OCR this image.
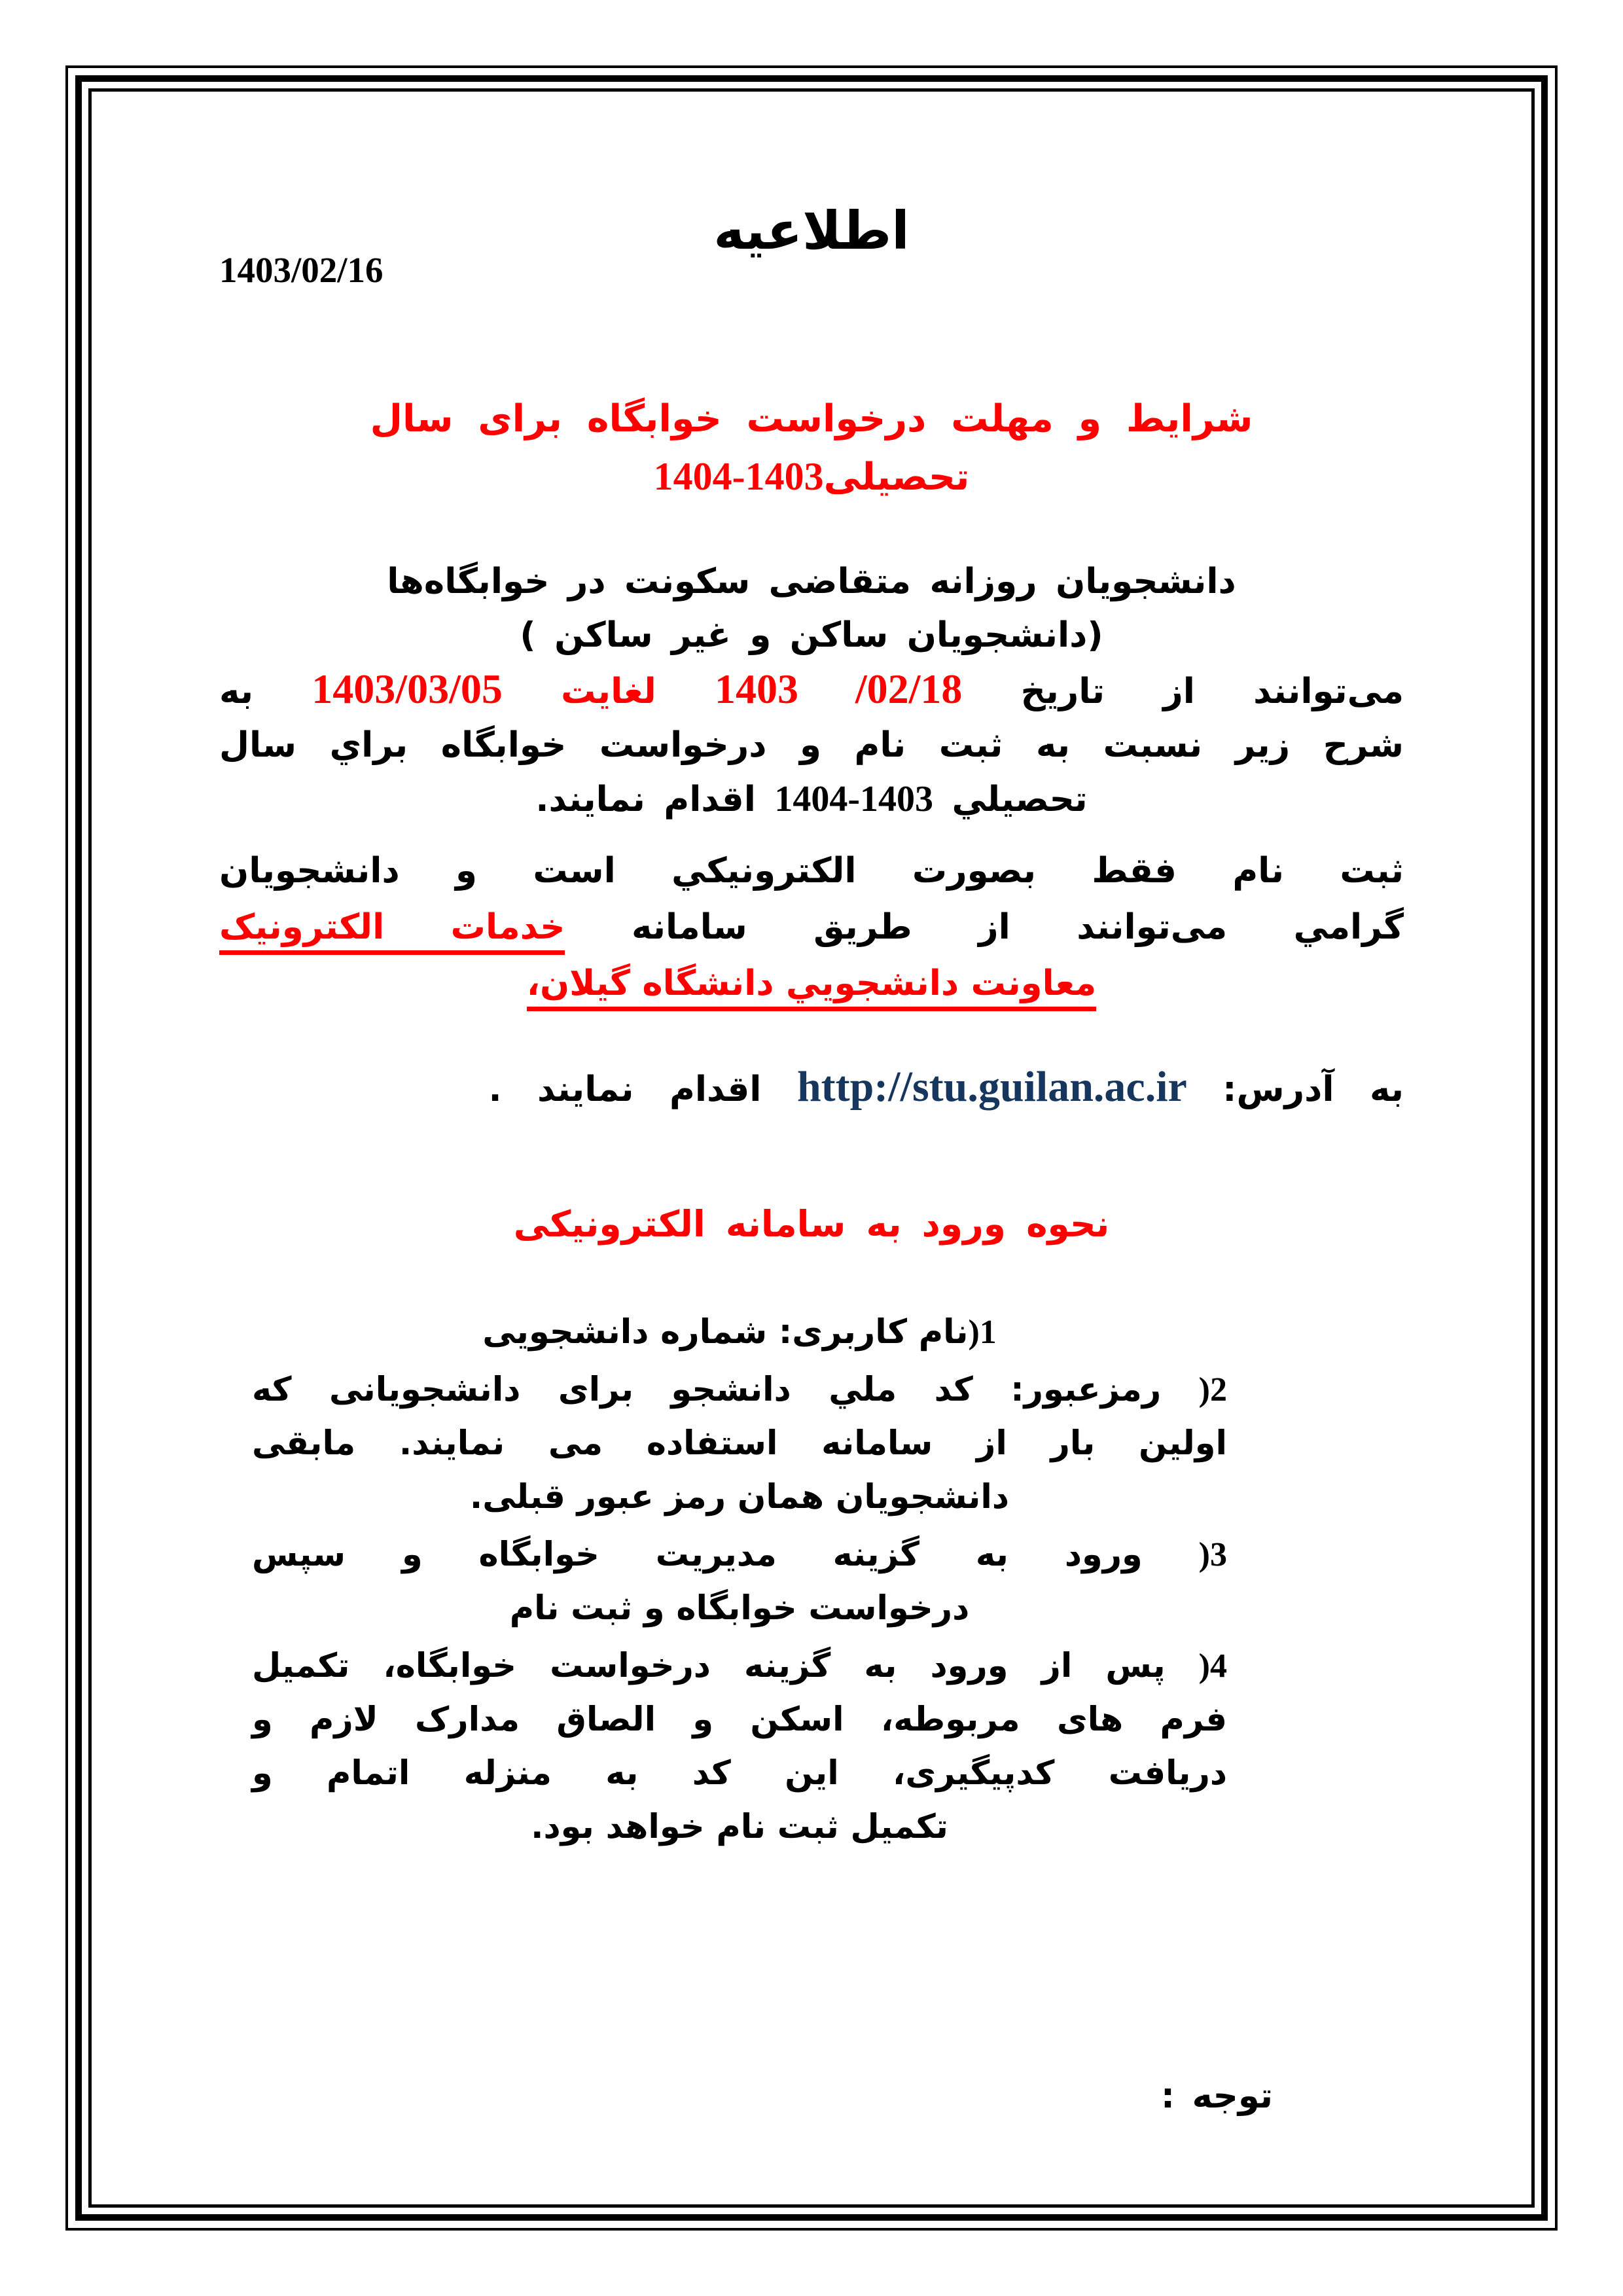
اطلاعیه
1403/02/16
شرایط و مهلت درخواست خوابگاه برای سال
تحصیلی1403-1404
دانشجویان روزانه متقاضی سکونت در خوابگاه‌ها
(دانشجویان ساکن و غیر ساکن )
می‌توانند از تاریخ 02/18/ 1403 لغایت 1403/03/05 به
شرح زیر نسبت به ثبت نام و درخواست خوابگاه براي سال
تحصیلي 1403-1404 اقدام نمایند.
ثبت نام فقط بصورت الکترونیکي است و دانشجویان
گرامي می‌توانند از طریق سامانه خدمات الکترونیک
معاونت دانشجویي دانشگاه گیلان،
به آدرس: http://stu.guilan.ac.ir اقدام نمایند .
نحوه ورود به سامانه الکترونیکی
1(نام کاربری: شماره دانشجویی
2( رمزعبور: کد ملي دانشجو برای دانشجویانی که
اولین بار از سامانه استفاده می نمایند. مابقی
دانشجویان همان رمز عبور قبلی.
3( ورود به گزینه مدیریت خوابگاه و سپس
درخواست خوابگاه و ثبت نام
4( پس از ورود به گزینه درخواست خوابگاه، تکمیل
فرم های مربوطه، اسکن و الصاق مدارک لازم و
دریافت کدپیگیری، این کد به منزله اتمام و
تکمیل ثبت نام خواهد بود.
توجه :
